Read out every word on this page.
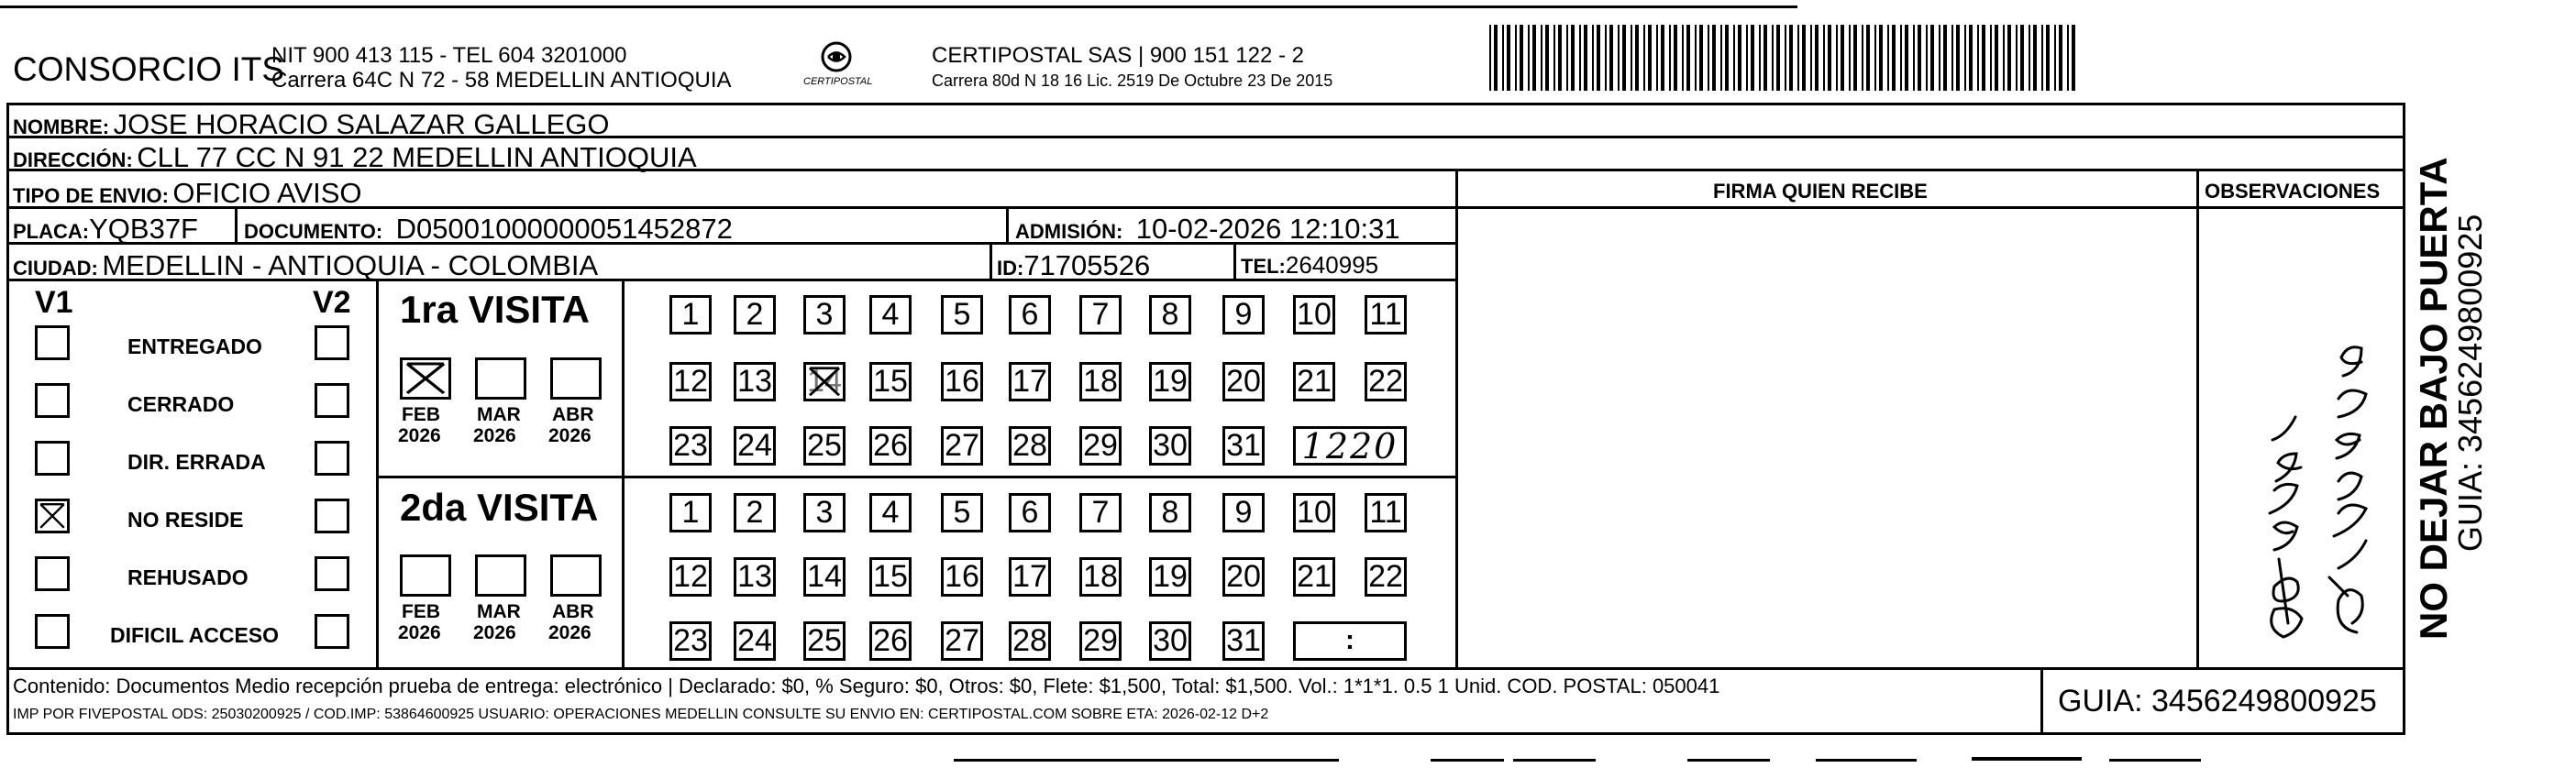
CONSORCIO ITS
NIT 900 413 115 - TEL 604 3201000
Carrera 64C N 72 - 58 MEDELLIN ANTIOQUIA	CERTIPOSTAL
CERTIPOSTAL SAS | 900 151 122 - 2
Carrera 80d N 18 16 Lic. 2519 De Octubre 23 De 2015
NOMBRE: JOSE HORACIO SALAZAR GALLEGO
DIRECCIÓN: CLL 77 CC N 91 22 MEDELLIN ANTIOQUIA
TIPO DE ENVIO: OFICIO AVISO	FIRMA QUIEN RECIBE	OBSERVACIONES
PLACA:YQB37F DOCUMENTO: D05001000000051452872	ADMISIÓN: 10-02-2026 12:10:31
CIUDAD: MEDELLIN - ANTIOQUIA - COLOMBIA	ID:71705526	TEL:2640995
V1	V2
ENTREGADO
CERRADO
DIR. ERRADA
NO RESIDE
REHUSADO
DIFICIL ACCESO
1ra VISITA
2da VISITA
FEB
2026
MAR
2026
ABR
2026
FEB
2026
MAR
2026
ABR
2026
1	2	3	4	5	6	7	8	9	10 11
12 13 14 15 16 17 18 19 20 21 22
23 24 25 26 27 28 29 30 31 1220
1	2	3	4	5	6	7	8	9	10 11
12 13 14 15 16 17 18 19 20 21 22
23 24 25 26 27 28 29 30 31	:
NO DEJAR BAJO PUERTA
GUIA: 3456249800925
Contenido: Documentos Medio recepción prueba de entrega: electrónico | Declarado: $0, % Seguro: $0, Otros: $0, Flete: $1,500, Total: $1,500. Vol.: 1*1*1. 0.5 1 Unid. COD. POSTAL: 050041
IMP POR FIVEPOSTAL ODS: 25030200925 / COD.IMP: 53864600925 USUARIO: OPERACIONES MEDELLIN CONSULTE SU ENVIO EN: CERTIPOSTAL.COM SOBRE ETA: 2026-02-12 D+2	GUIA: 3456249800925
